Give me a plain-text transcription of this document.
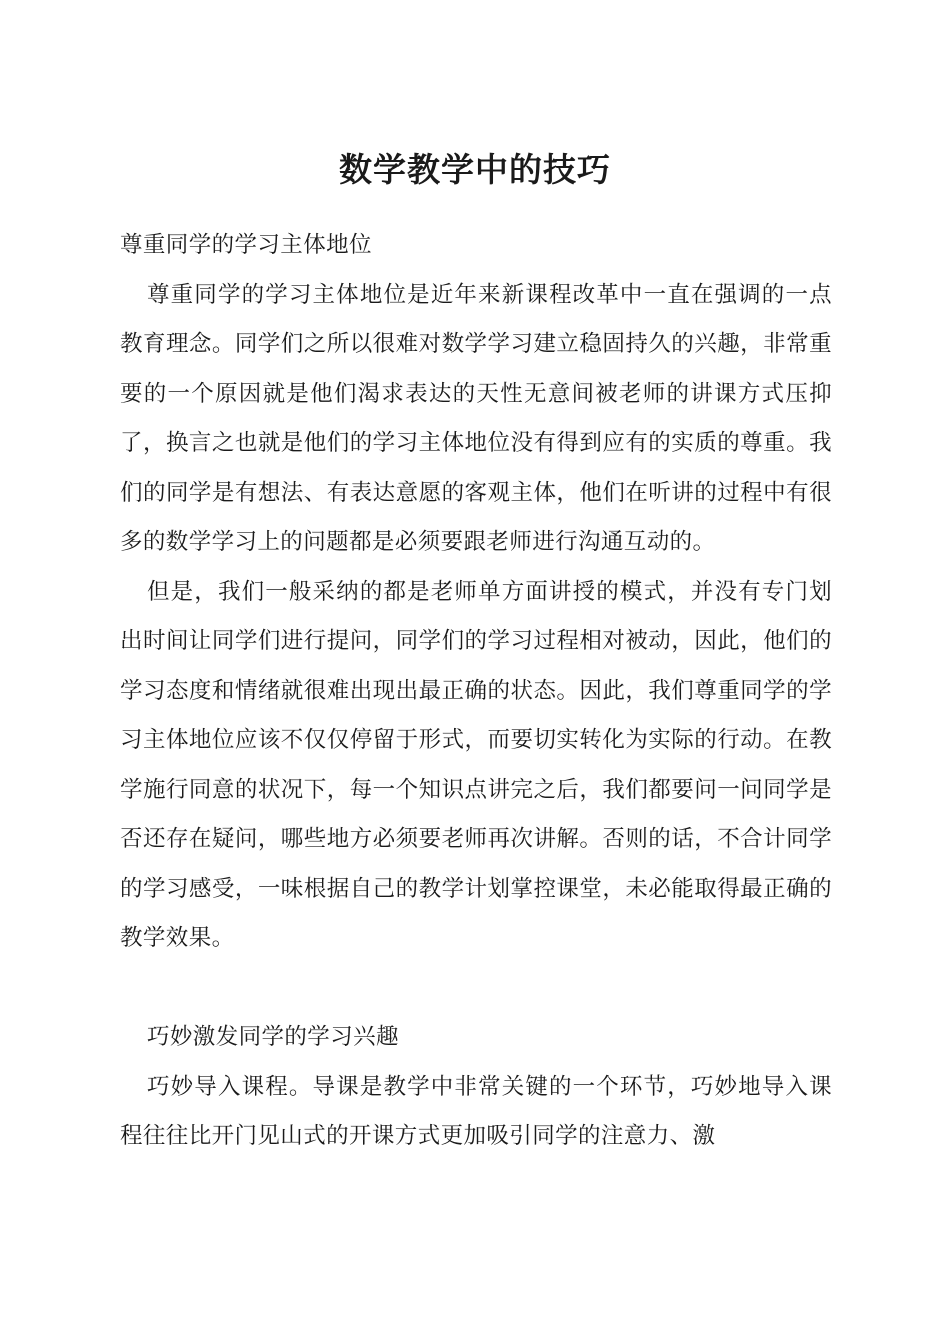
数学教学中的技巧

尊重同学的学习主体地位

尊重同学的学习主体地位是近年来新课程改革中一直在强调的一点教育理念。同学们之所以很难对数学学习建立稳固持久的兴趣，非常重要的一个原因就是他们渴求表达的天性无意间被老师的讲课方式压抑了，换言之也就是他们的学习主体地位没有得到应有的实质的尊重。我们的同学是有想法、有表达意愿的客观主体，他们在听讲的过程中有很多的数学学习上的问题都是必须要跟老师进行沟通互动的。

但是，我们一般采纳的都是老师单方面讲授的模式，并没有专门划出时间让同学们进行提问，同学们的学习过程相对被动，因此，他们的学习态度和情绪就很难出现出最正确的状态。因此，我们尊重同学的学习主体地位应该不仅仅停留于形式，而要切实转化为实际的行动。在教学施行同意的状况下，每一个知识点讲完之后，我们都要问一问同学是否还存在疑问，哪些地方必须要老师再次讲解。否则的话，不合计同学的学习感受，一味根据自己的教学计划掌控课堂，未必能取得最正确的教学效果。

巧妙激发同学的学习兴趣

巧妙导入课程。导课是教学中非常关键的一个环节，巧妙地导入课程往往比开门见山式的开课方式更加吸引同学的注意力、激
